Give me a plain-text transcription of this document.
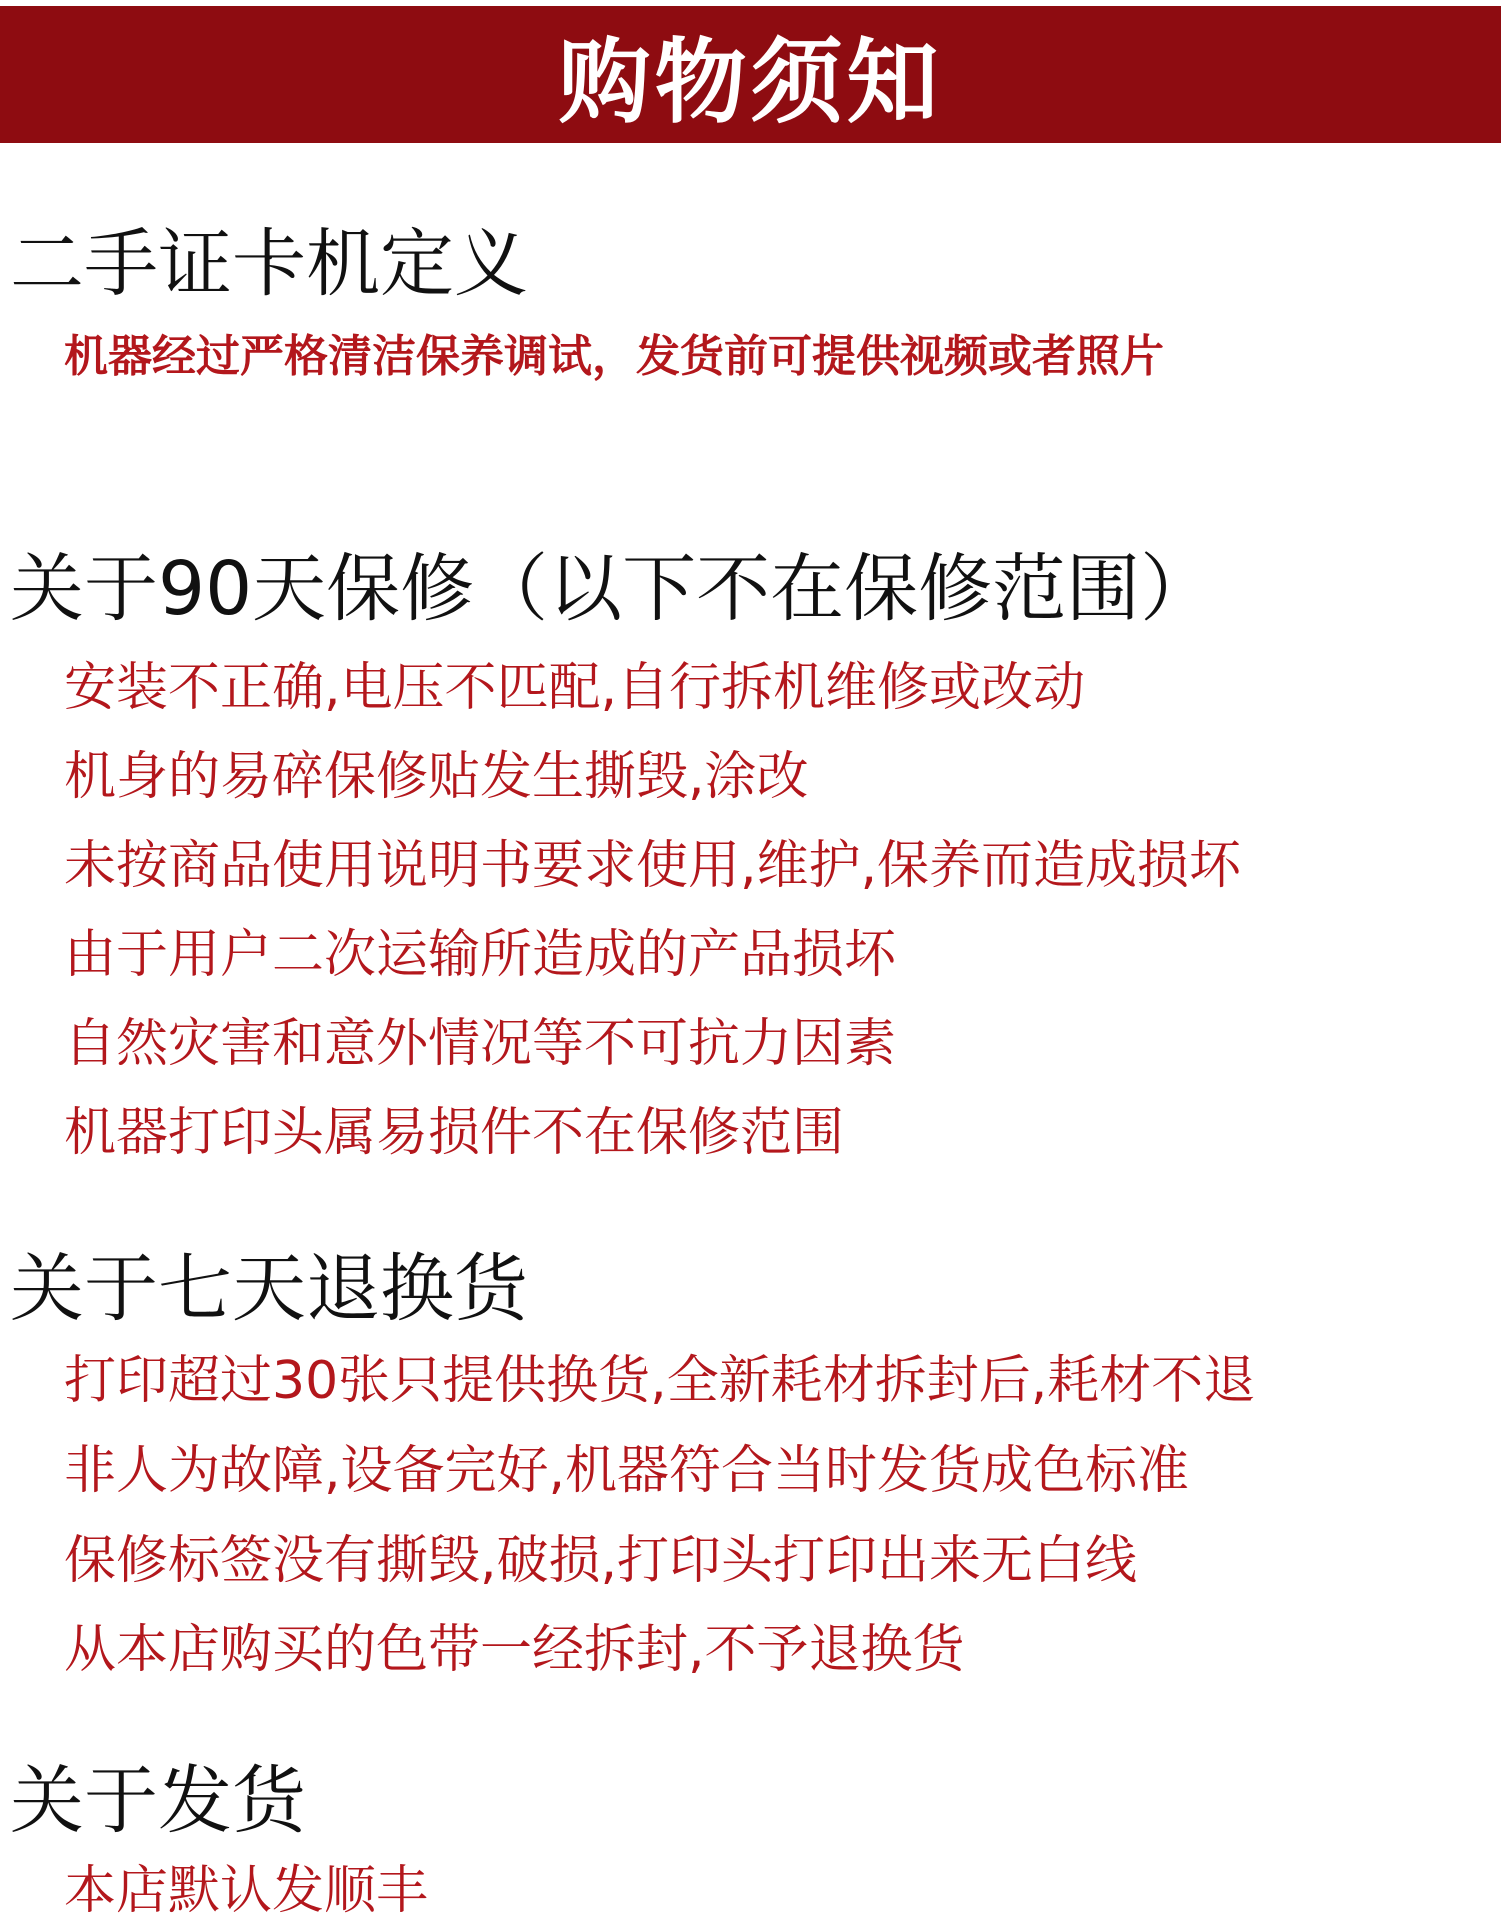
购物须知
二手证卡机定义
机器经过严格清洁保养调试，发货前可提供视频或者照片
关于90天保修（以下不在保修范围）
安装不正确,电压不匹配,自行拆机维修或改动
机身的易碎保修贴发生撕毁,涂改
未按商品使用说明书要求使用,维护,保养而造成损坏
由于用户二次运输所造成的产品损坏
自然灾害和意外情况等不可抗力因素
机器打印头属易损件不在保修范围
关于七天退换货
打印超过30张只提供换货,全新耗材拆封后,耗材不退
非人为故障,设备完好,机器符合当时发货成色标准
保修标签没有撕毁,破损,打印头打印出来无白线
从本店购买的色带一经拆封,不予退换货
关于发货
本店默认发顺丰
